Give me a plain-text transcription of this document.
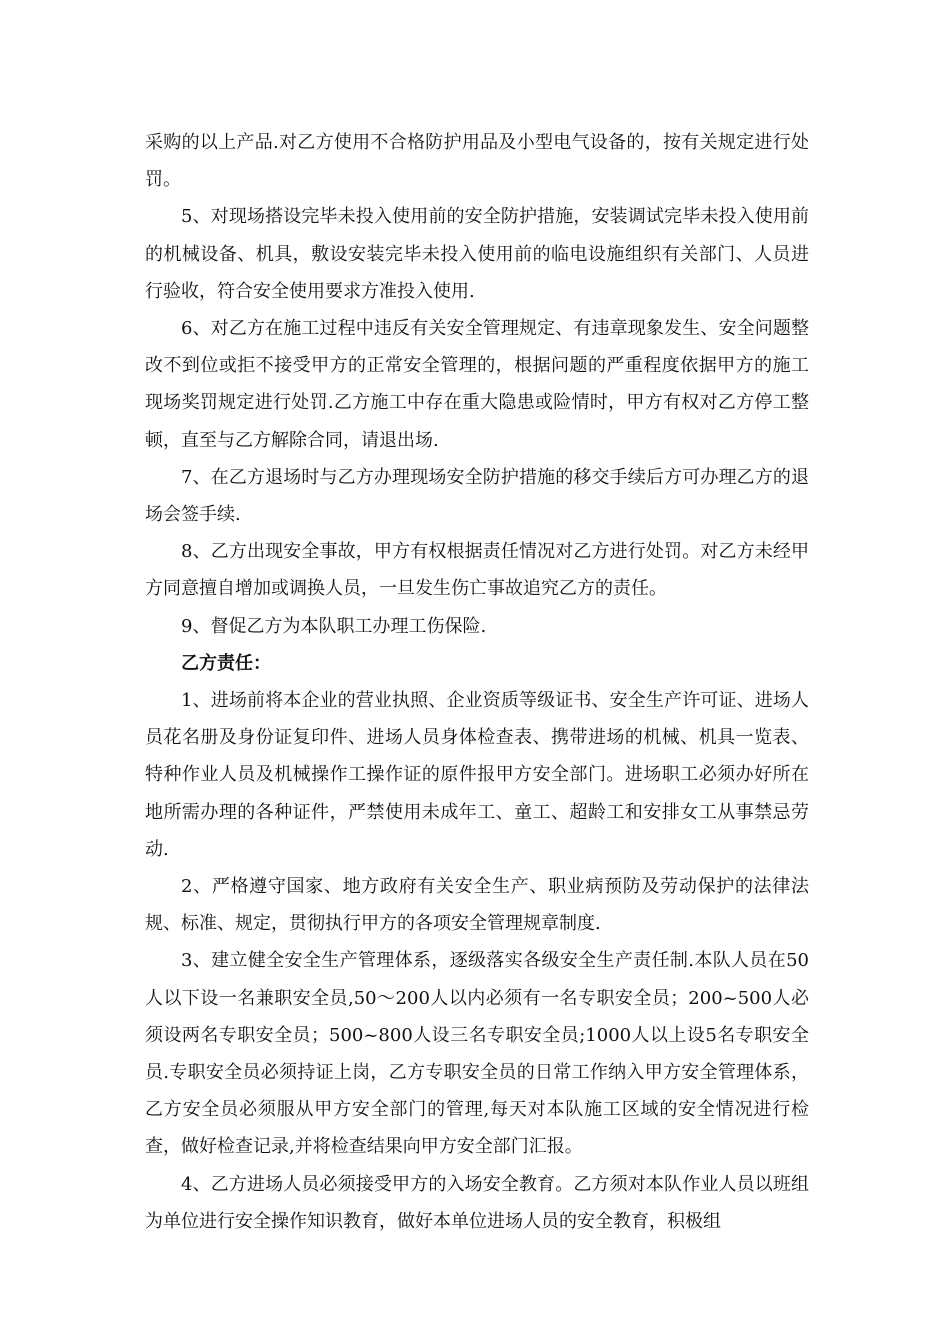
采购的以上产品.对乙方使用不合格防护用品及小型电气设备的，按有关规定进行处罚。

5、对现场搭设完毕未投入使用前的安全防护措施，安装调试完毕未投入使用前的机械设备、机具，敷设安装完毕未投入使用前的临电设施组织有关部门、人员进行验收，符合安全使用要求方准投入使用.

6、对乙方在施工过程中违反有关安全管理规定、有违章现象发生、安全问题整改不到位或拒不接受甲方的正常安全管理的，根据问题的严重程度依据甲方的施工现场奖罚规定进行处罚.乙方施工中存在重大隐患或险情时，甲方有权对乙方停工整顿，直至与乙方解除合同，请退出场.

7、在乙方退场时与乙方办理现场安全防护措施的移交手续后方可办理乙方的退场会签手续.

8、乙方出现安全事故，甲方有权根据责任情况对乙方进行处罚。对乙方未经甲方同意擅自增加或调换人员，一旦发生伤亡事故追究乙方的责任。

9、督促乙方为本队职工办理工伤保险.

乙方责任：

1、进场前将本企业的营业执照、企业资质等级证书、安全生产许可证、进场人员花名册及身份证复印件、进场人员身体检查表、携带进场的机械、机具一览表、特种作业人员及机械操作工操作证的原件报甲方安全部门。进场职工必须办好所在地所需办理的各种证件，严禁使用未成年工、童工、超龄工和安排女工从事禁忌劳动.

2、严格遵守国家、地方政府有关安全生产、职业病预防及劳动保护的法律法规、标准、规定，贯彻执行甲方的各项安全管理规章制度.

3、建立健全安全生产管理体系，逐级落实各级安全生产责任制.本队人员在50人以下设一名兼职安全员,50～200人以内必须有一名专职安全员；200~500人必须设两名专职安全员；500~800人设三名专职安全员;1000人以上设5名专职安全员.专职安全员必须持证上岗，乙方专职安全员的日常工作纳入甲方安全管理体系，乙方安全员必须服从甲方安全部门的管理,每天对本队施工区域的安全情况进行检查，做好检查记录,并将检查结果向甲方安全部门汇报。

4、乙方进场人员必须接受甲方的入场安全教育。乙方须对本队作业人员以班组为单位进行安全操作知识教育，做好本单位进场人员的安全教育，积极组
